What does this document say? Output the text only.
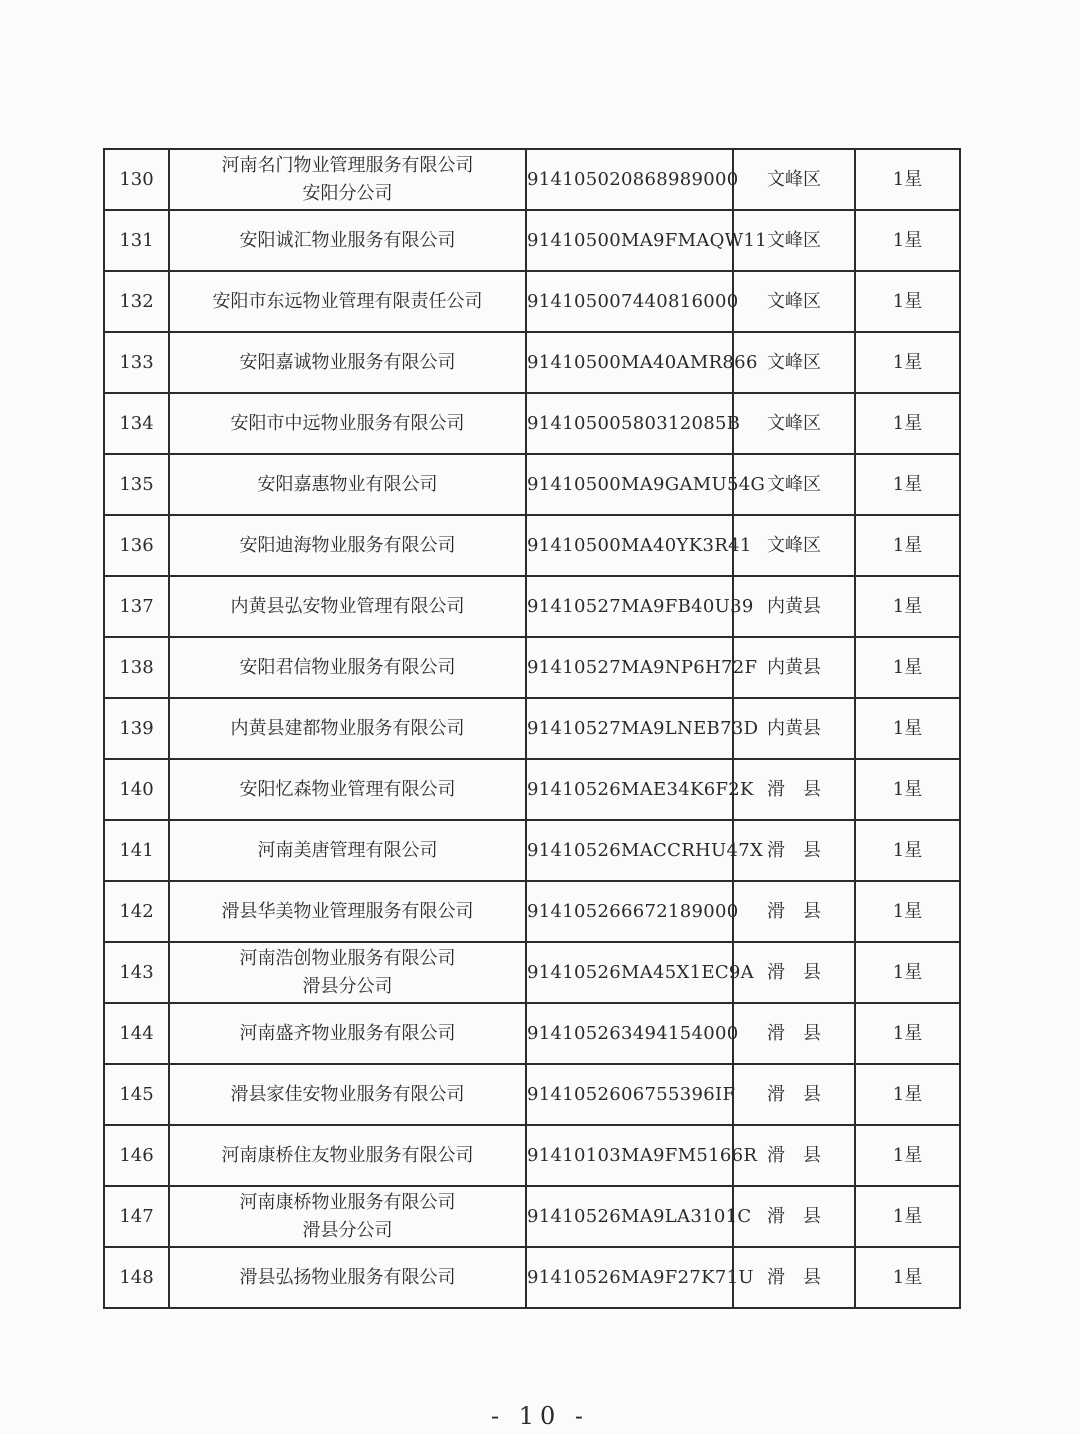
130	河南名门物业管理服务有限公司
安阳分公司	914105020868989000	文峰区	1星
131	安阳诚汇物业服务有限公司	91410500MA9FMAQW11	文峰区	1星
132	安阳市东远物业管理有限责任公司	914105007440816000	文峰区	1星
133	安阳嘉诚物业服务有限公司	91410500MA40AMR866	文峰区	1星
134	安阳市中远物业服务有限公司	91410500580312085B	文峰区	1星
135	安阳嘉惠物业有限公司	91410500MA9GAMU54G	文峰区	1星
136	安阳迪海物业服务有限公司	91410500MA40YK3R41	文峰区	1星
137	内黄县弘安物业管理有限公司	91410527MA9FB40U39	内黄县	1星
138	安阳君信物业服务有限公司	91410527MA9NP6H72F	内黄县	1星
139	内黄县建都物业服务有限公司	91410527MA9LNEB73D	内黄县	1星
140	安阳忆森物业管理有限公司	91410526MAE34K6F2K	滑　县	1星
141	河南美唐管理有限公司	91410526MACCRHU47X	滑　县	1星
142	滑县华美物业管理服务有限公司	914105266672189000	滑　县	1星
143	河南浩创物业服务有限公司
滑县分公司	91410526MA45X1EC9A	滑　县	1星
144	河南盛齐物业服务有限公司	914105263494154000	滑　县	1星
145	滑县家佳安物业服务有限公司	9141052606755396IF	滑　县	1星
146	河南康桥住友物业服务有限公司	91410103MA9FM5166R	滑　县	1星
147	河南康桥物业服务有限公司
滑县分公司	91410526MA9LA3101C	滑　县	1星
148	滑县弘扬物业服务有限公司	91410526MA9F27K71U	滑　县	1星
- 10 -
